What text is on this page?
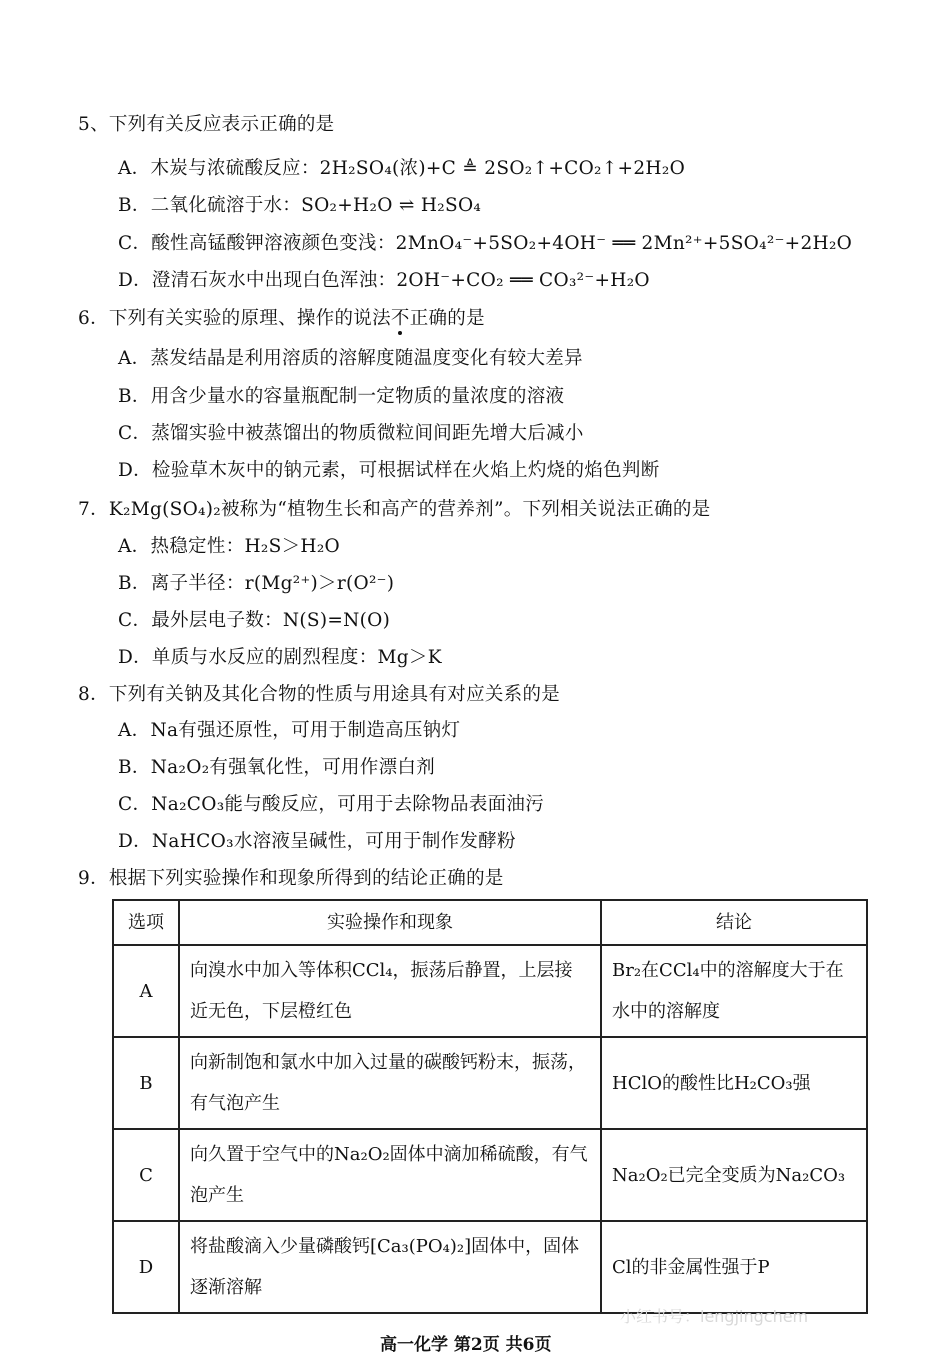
5、下列有关反应表示正确的是
A．木炭与浓硫酸反应：2H₂SO₄(浓)+C ≜ 2SO₂↑+CO₂↑+2H₂O
B．二氧化硫溶于水：SO₂+H₂O ⇌ H₂SO₄
C．酸性高锰酸钾溶液颜色变浅：2MnO₄⁻+5SO₂+4OH⁻ ══ 2Mn²⁺+5SO₄²⁻+2H₂O
D．澄清石灰水中出现白色浑浊：2OH⁻+CO₂ ══ CO₃²⁻+H₂O
6．下列有关实验的原理、操作的说法不正确的是
A．蒸发结晶是利用溶质的溶解度随温度变化有较大差异
B．用含少量水的容量瓶配制一定物质的量浓度的溶液
C．蒸馏实验中被蒸馏出的物质微粒间间距先增大后减小
D．检验草木灰中的钠元素，可根据试样在火焰上灼烧的焰色判断
7．K₂Mg(SO₄)₂被称为“植物生长和高产的营养剂”。下列相关说法正确的是
A．热稳定性：H₂S＞H₂O
B．离子半径：r(Mg²⁺)＞r(O²⁻)
C．最外层电子数：N(S)=N(O)
D．单质与水反应的剧烈程度：Mg＞K
8．下列有关钠及其化合物的性质与用途具有对应关系的是
A．Na有强还原性，可用于制造高压钠灯
B．Na₂O₂有强氧化性，可用作漂白剂
C．Na₂CO₃能与酸反应，可用于去除物品表面油污
D．NaHCO₃水溶液呈碱性，可用于制作发酵粉
9．根据下列实验操作和现象所得到的结论正确的是
选项	实验操作和现象	结论
A	向溴水中加入等体积CCl₄，振荡后静置，上层接近无色，下层橙红色	Br₂在CCl₄中的溶解度大于在水中的溶解度
B	向新制饱和氯水中加入过量的碳酸钙粉末，振荡，有气泡产生	HClO的酸性比H₂CO₃强
C	向久置于空气中的Na₂O₂固体中滴加稀硫酸，有气泡产生	Na₂O₂已完全变质为Na₂CO₃
D	将盐酸滴入少量磷酸钙[Ca₃(PO₄)₂]固体中，固体逐渐溶解	Cl的非金属性强于P
小红书号：lengjingchem
高一化学 第2页 共6页
